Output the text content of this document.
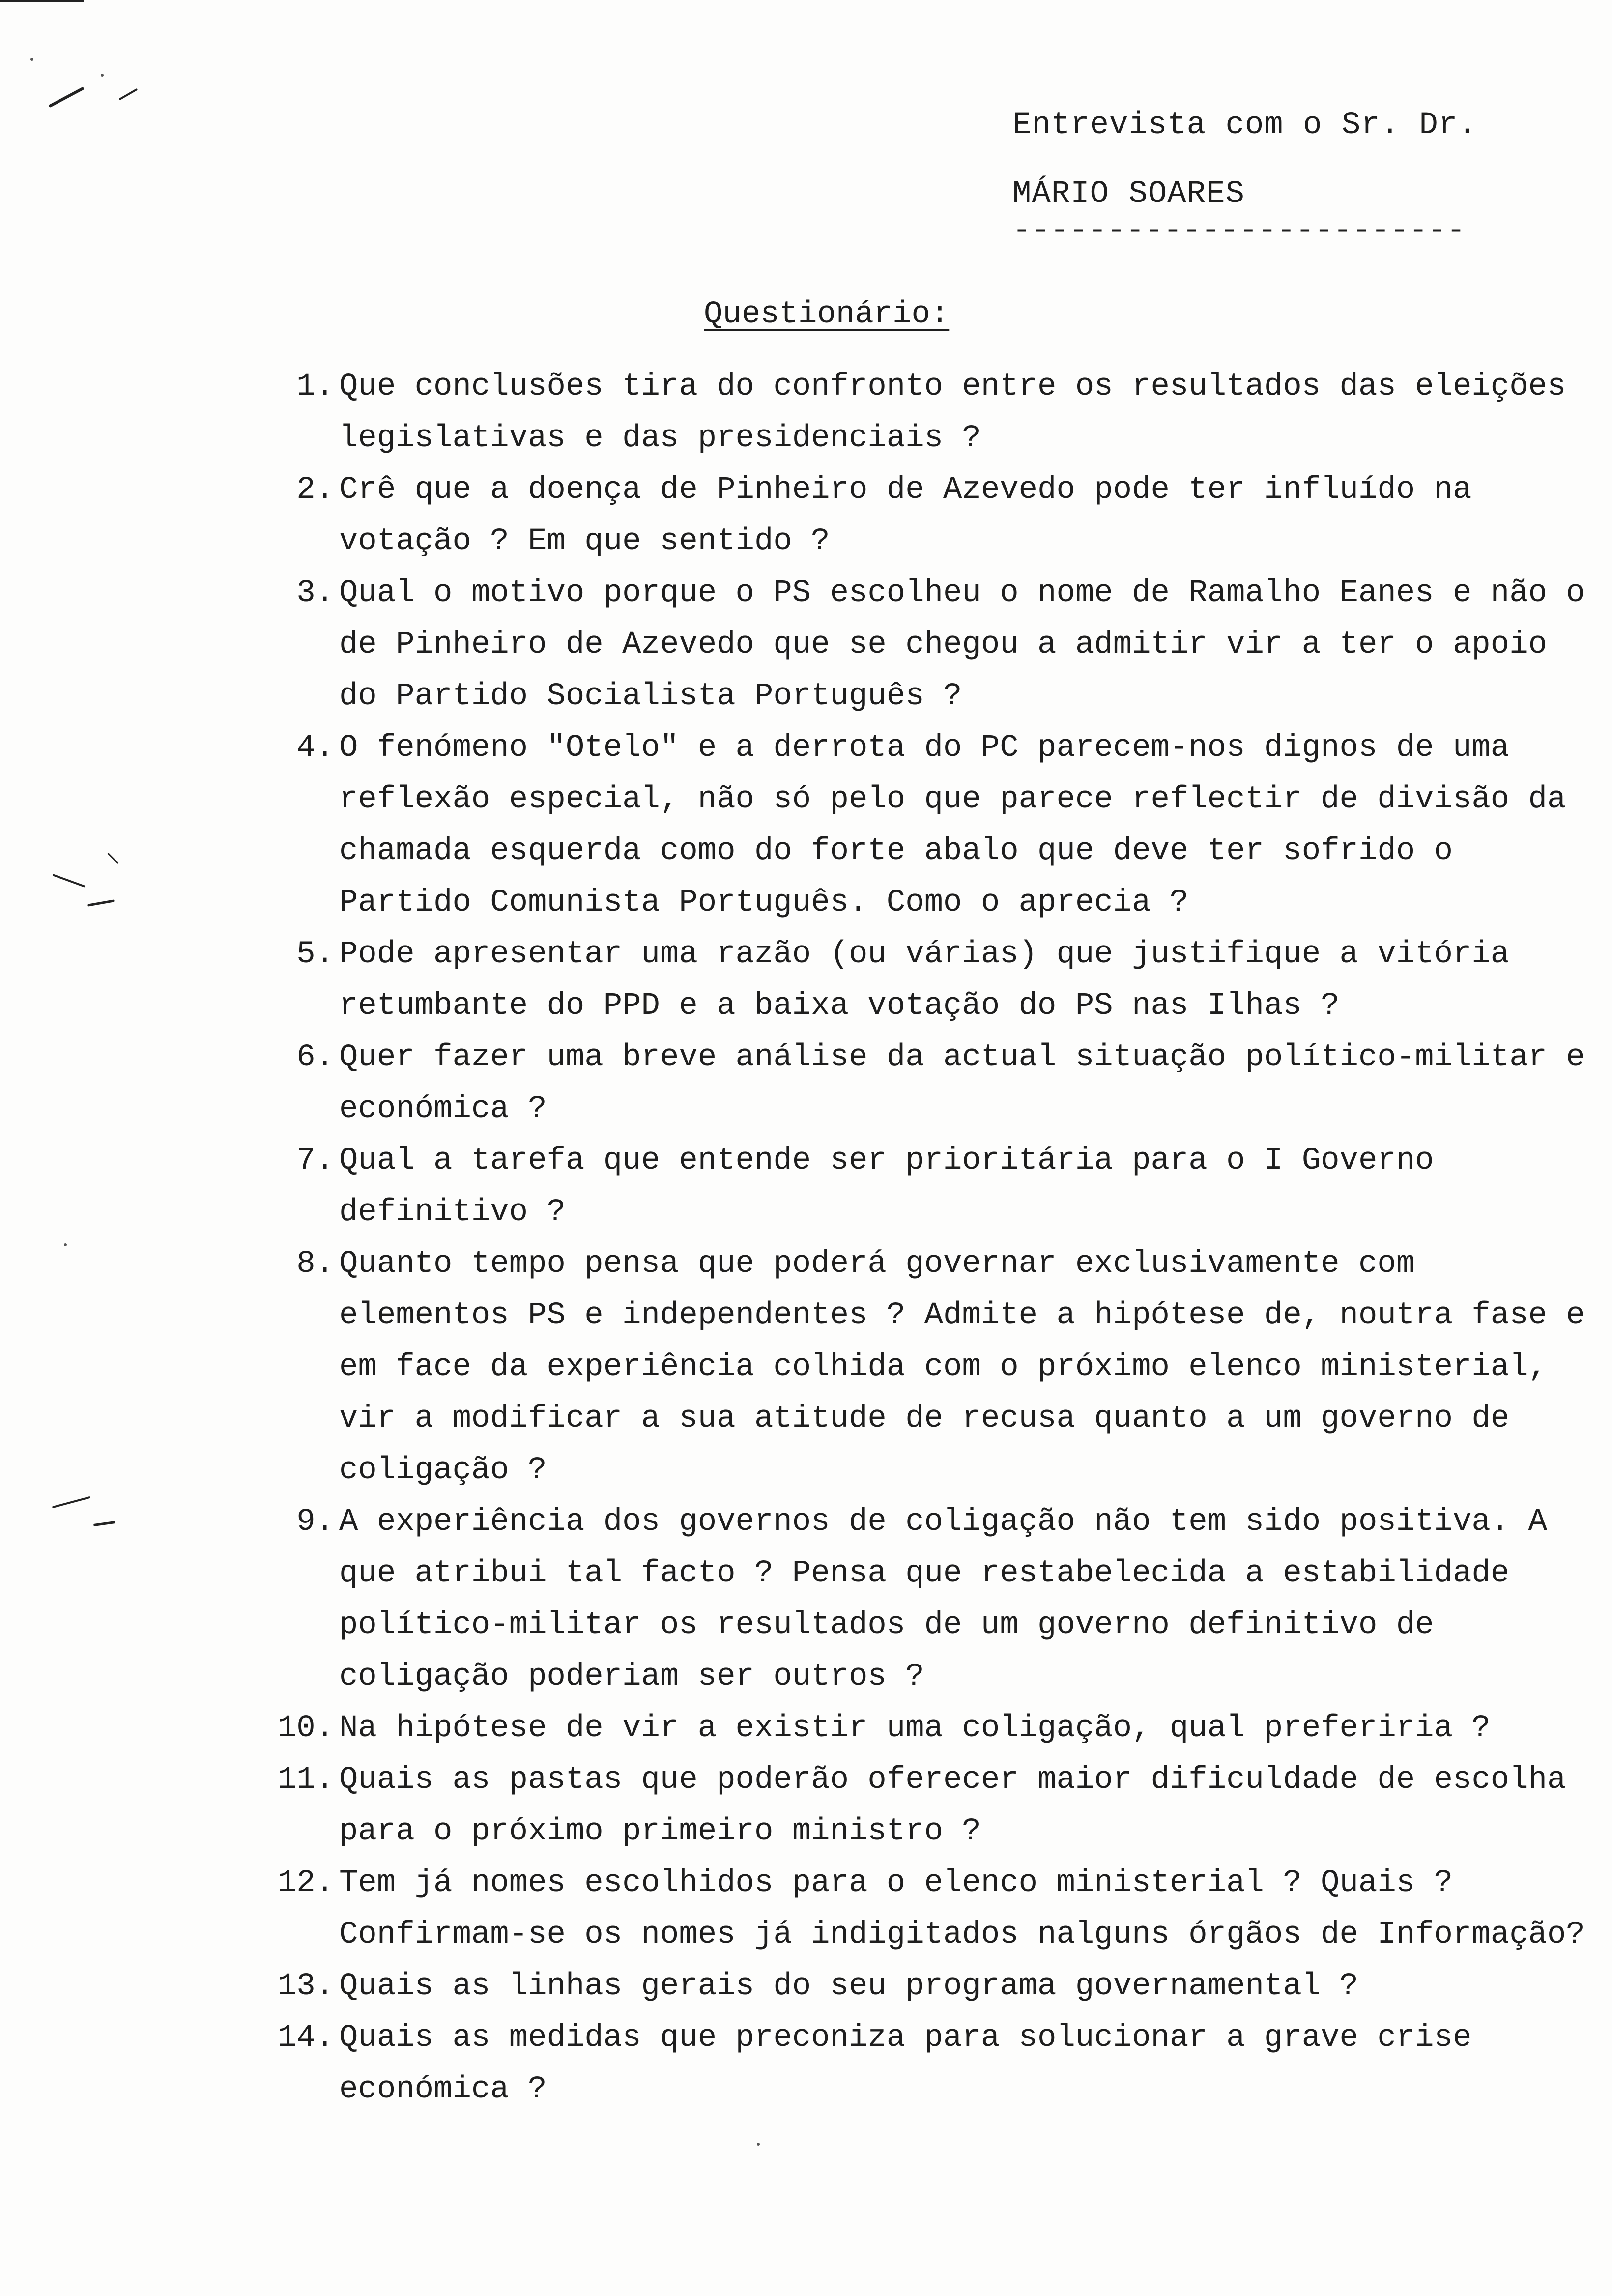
Entrevista com o Sr. Dr.
MÁRIO SOARES
------------------------
Questionário:
1. Que conclusões tira do confronto entre os resultados das eleições legislativas e das presidenciais ?
2. Crê que a doença de Pinheiro de Azevedo pode ter influído na votação ? Em que sentido ?
3. Qual o motivo porque o PS escolheu o nome de Ramalho Eanes e não o de Pinheiro de Azevedo que se chegou a admitir vir a ter o apoio do Partido Socialista Português ?
4. O fenómeno "Otelo" e a derrota do PC parecem-nos dignos de uma reflexão especial, não só pelo que parece reflectir de divisão da chamada esquerda como do forte abalo que deve ter sofrido o Partido Comunista Português. Como o aprecia ?
5. Pode apresentar uma razão (ou várias) que justifique a vitória retumbante do PPD e a baixa votação do PS nas Ilhas ?
6. Quer fazer uma breve análise da actual situação político-militar e económica ?
7. Qual a tarefa que entende ser prioritária para o I Governo definitivo ?
8. Quanto tempo pensa que poderá governar exclusivamente com elementos PS e independentes ? Admite a hipótese de, noutra fase e em face da experiência colhida com o próximo elenco ministerial, vir a modificar a sua atitude de recusa quanto a um governo de coligação ?
9. A experiência dos governos de coligação não tem sido positiva. A que atribui tal facto ? Pensa que restabelecida a estabilidade político-militar os resultados de um governo definitivo de coligação poderiam ser outros ?
10. Na hipótese de vir a existir uma coligação, qual preferiria ?
11. Quais as pastas que poderão oferecer maior dificuldade de escolha para o próximo primeiro ministro ?
12. Tem já nomes escolhidos para o elenco ministerial ? Quais ? Confirmam-se os nomes já indigitados nalguns órgãos de Informação?
13. Quais as linhas gerais do seu programa governamental ?
14. Quais as medidas que preconiza para solucionar a grave crise económica ?
